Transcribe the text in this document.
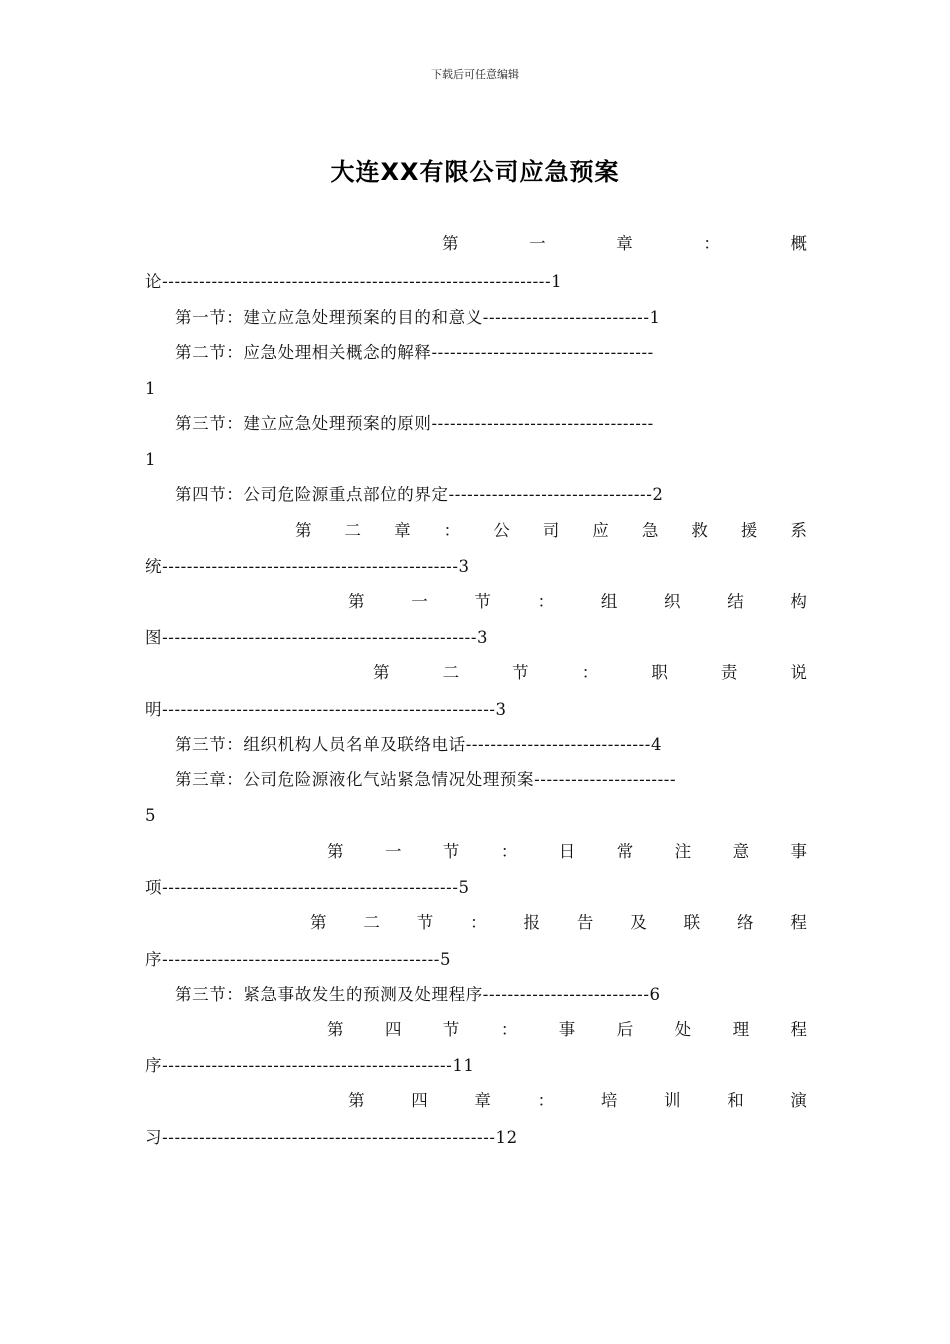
下载后可任意编辑
大连XX有限公司应急预案
第	一	章	：	概
论---------------------------------------------------------------1
第一节：建立应急处理预案的目的和意义---------------------------1
第二节：应急处理相关概念的解释------------------------------------
1
第三节：建立应急处理预案的原则------------------------------------
1
第四节：公司危险源重点部位的界定---------------------------------2
第 二 章 ： 公 司 应 急 救 援 系
统------------------------------------------------3
第	一	节	：	组	织	结	构
图---------------------------------------------------3
第	二	节	：	职	责	说
明------------------------------------------------------3
第三节：组织机构人员名单及联络电话------------------------------4
第三章：公司危险源液化气站紧急情况处理预案-----------------------
5
第	一	节	：	日	常	注	意	事
项------------------------------------------------5
第 二 节 ： 报 告 及 联 络 程
序---------------------------------------------5
第三节：紧急事故发生的预测及处理程序---------------------------6
第	四	节	：	事	后	处	理	程
序-----------------------------------------------11
第	四	章	：	培	训	和	演
习------------------------------------------------------12
